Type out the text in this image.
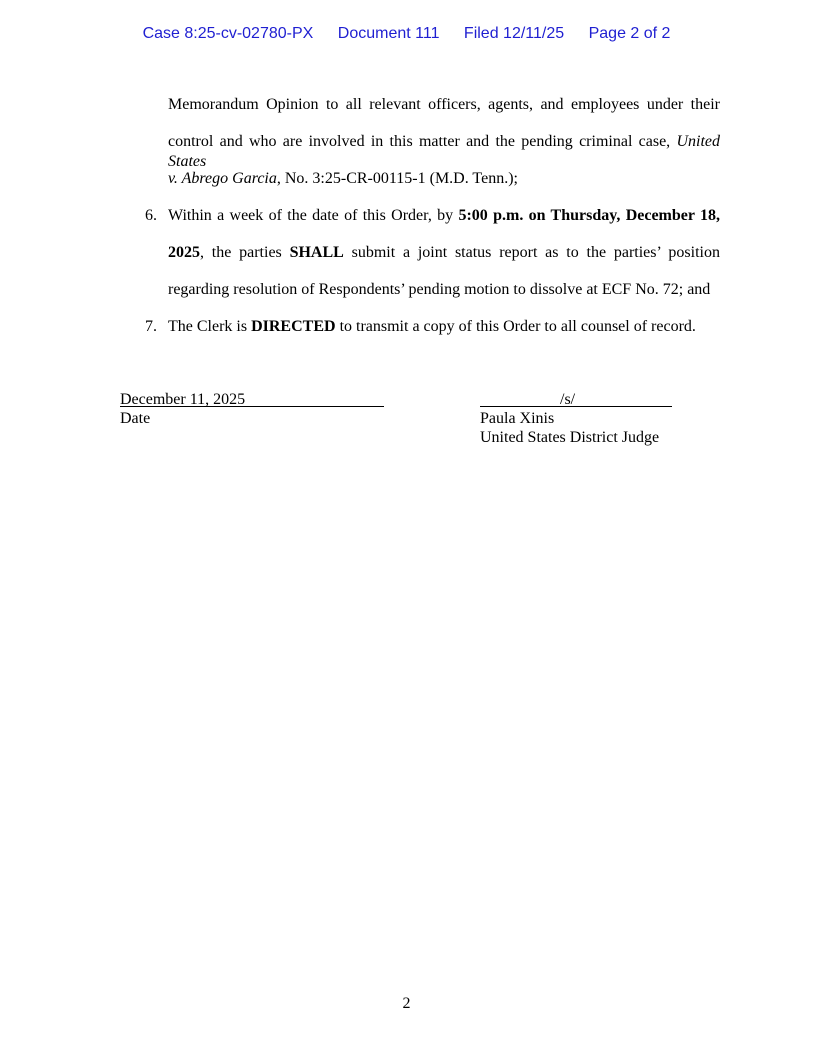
Case 8:25-cv-02780-PX Document 111 Filed 12/11/25 Page 2 of 2
Memorandum Opinion to all relevant officers, agents, and employees under their
control and who are involved in this matter and the pending criminal case, United States
v. Abrego Garcia, No. 3:25-CR-00115-1 (M.D. Tenn.);
6. Within a week of the date of this Order, by 5:00 p.m. on Thursday, December 18,
2025, the parties SHALL submit a joint status report as to the parties’ position
regarding resolution of Respondents’ pending motion to dissolve at ECF No. 72; and
7. The Clerk is DIRECTED to transmit a copy of this Order to all counsel of record.
December 11, 2025
Date
/s/
Paula Xinis
United States District Judge
2
